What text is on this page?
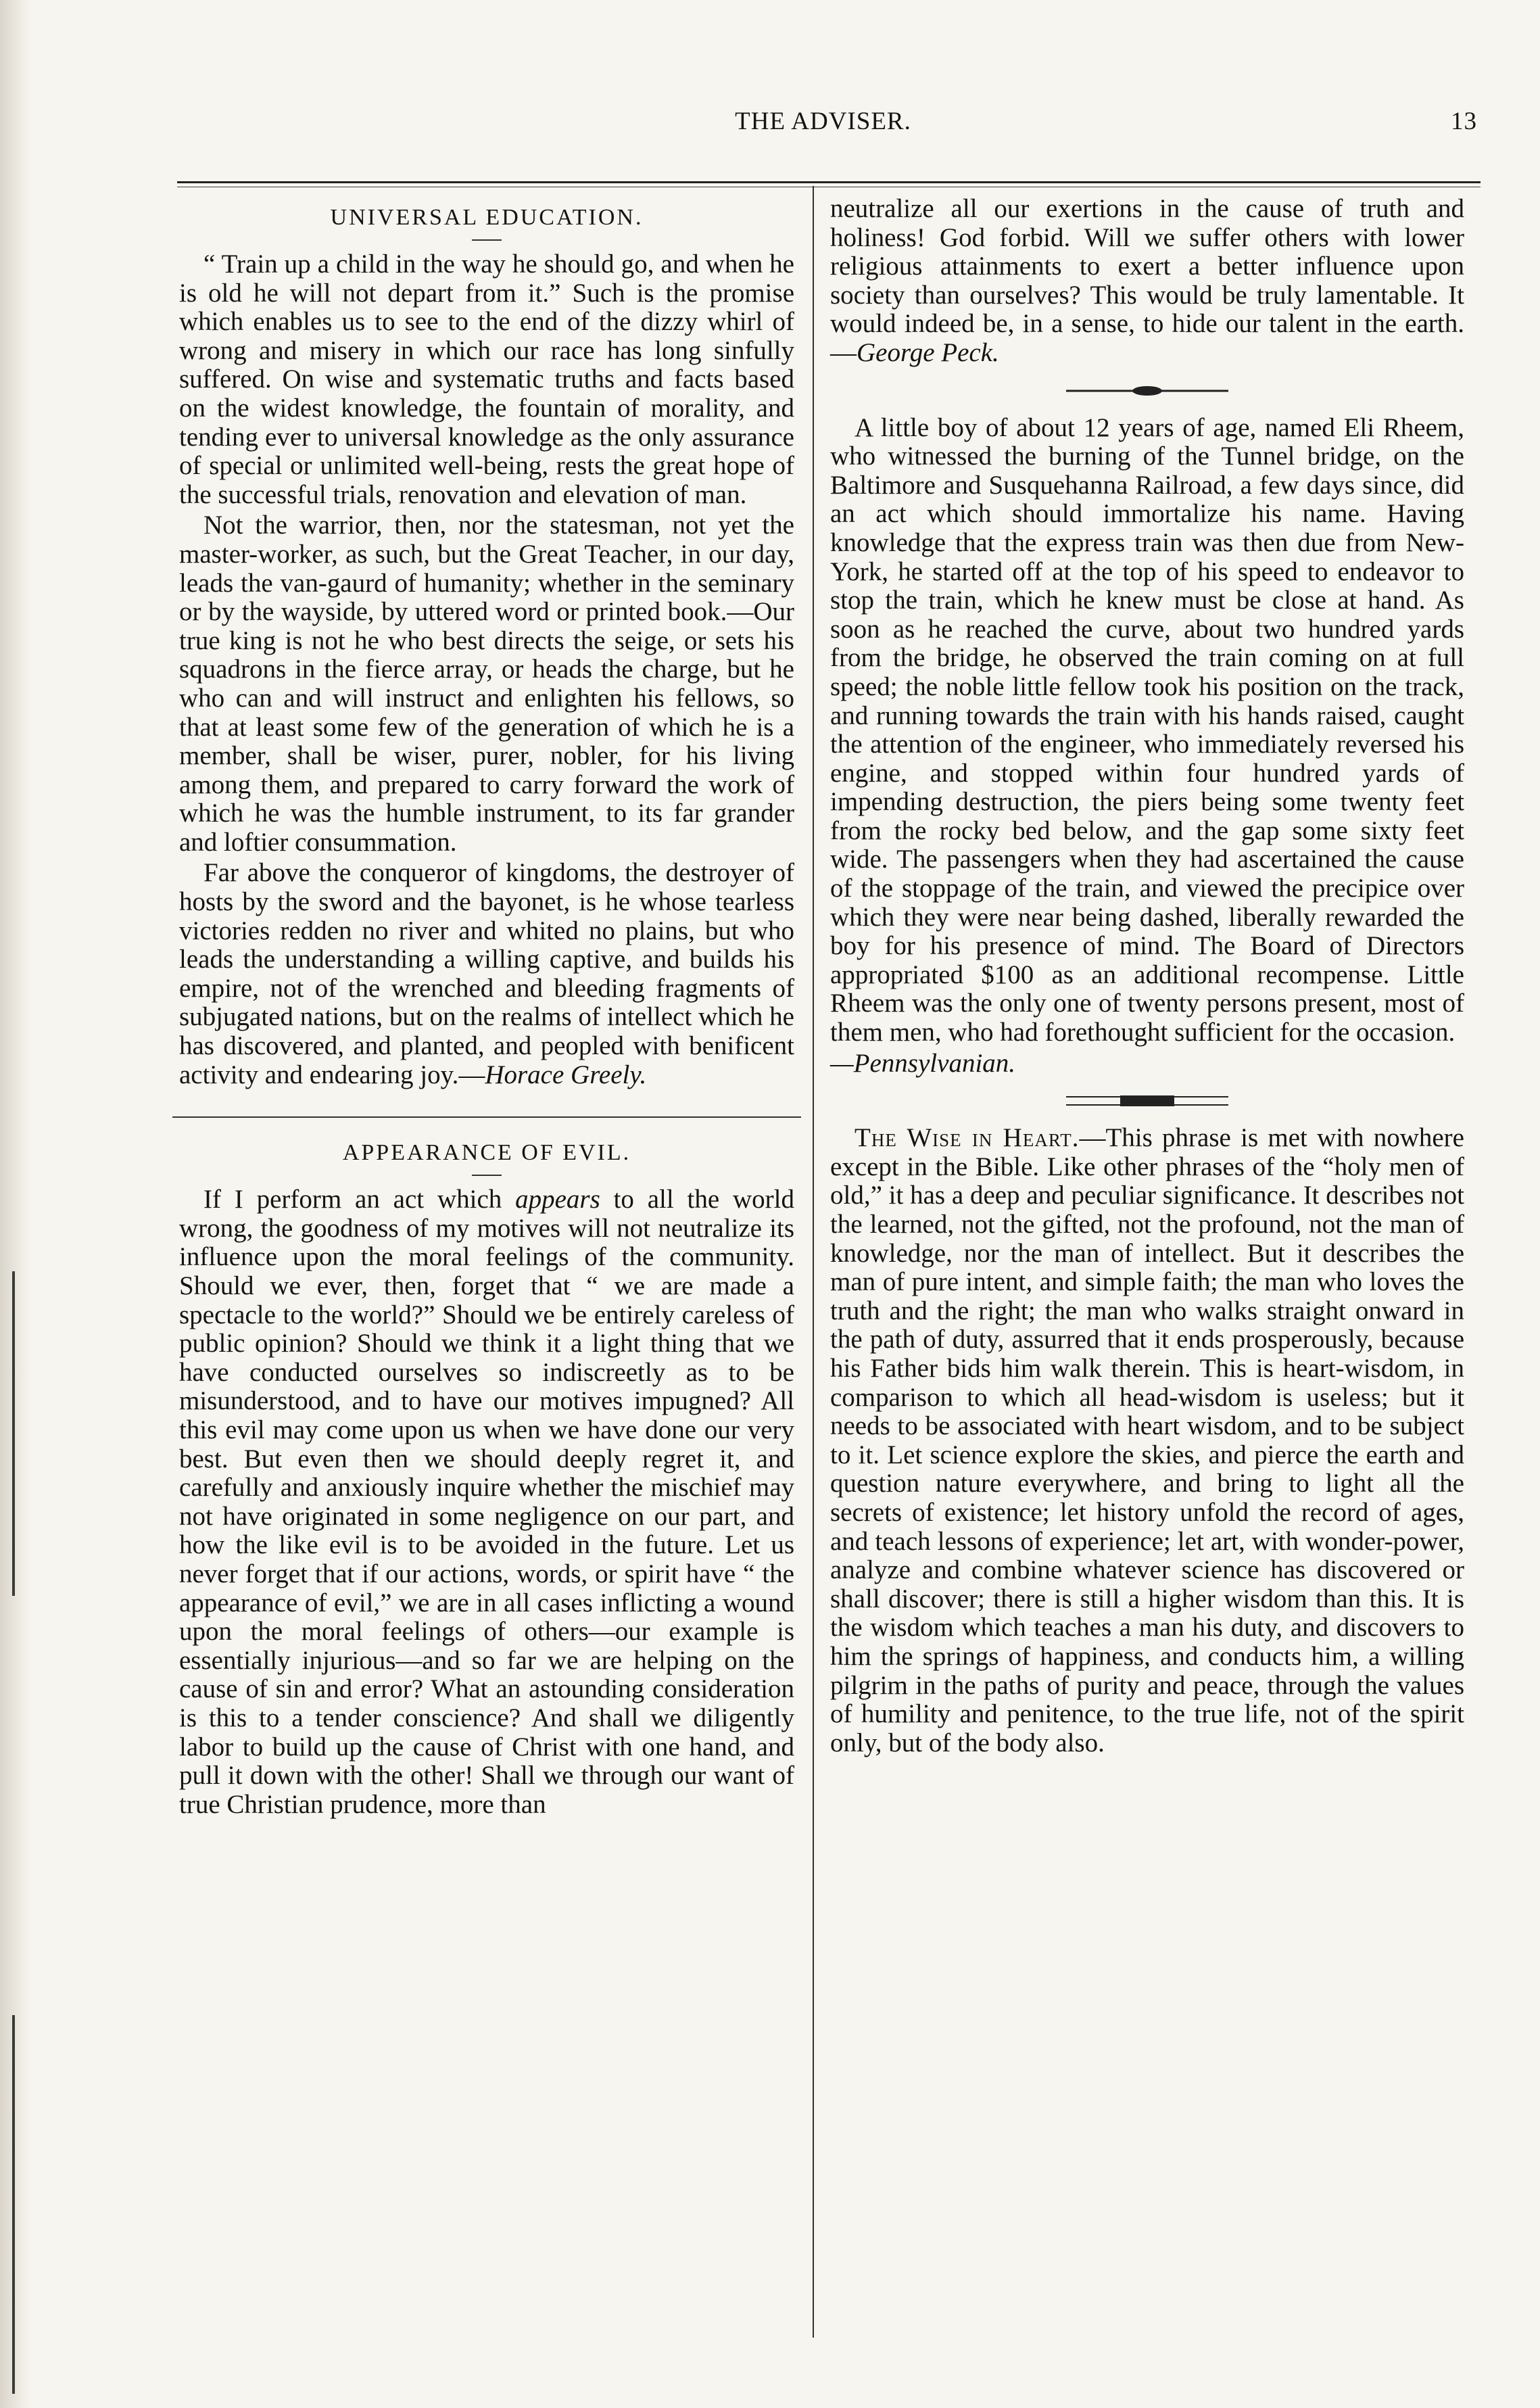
THE ADVISER.	13
UNIVERSAL EDUCATION.

“ Train up a child in the way he should go, and when he is old he will not depart from it.” Such is the promise which enables us to see to the end of the dizzy whirl of wrong and misery in which our race has long sinfully suffered. On wise and systematic truths and facts based on the widest knowledge, the fountain of morality, and tending ever to universal knowledge as the only assurance of special or unlimited well-being, rests the great hope of the successful trials, renovation and elevation of man.

Not the warrior, then, nor the statesman, not yet the master-worker, as such, but the Great Teacher, in our day, leads the van-gaurd of humanity; whether in the seminary or by the wayside, by uttered word or printed book.—Our true king is not he who best directs the seige, or sets his squadrons in the fierce array, or heads the charge, but he who can and will instruct and enlighten his fellows, so that at least some few of the generation of which he is a member, shall be wiser, purer, nobler, for his living among them, and prepared to carry forward the work of which he was the humble instrument, to its far grander and loftier consummation.

Far above the conqueror of kingdoms, the destroyer of hosts by the sword and the bayonet, is he whose tearless victories redden no river and whited no plains, but who leads the understanding a willing captive, and builds his empire, not of the wrenched and bleeding fragments of subjugated nations, but on the realms of intellect which he has discovered, and planted, and peopled with benificent activity and endearing joy.—Horace Greely.

APPEARANCE OF EVIL.

If I perform an act which appears to all the world wrong, the goodness of my motives will not neutralize its influence upon the moral feelings of the community. Should we ever, then, forget that “ we are made a spectacle to the world?” Should we be entirely careless of public opinion? Should we think it a light thing that we have conducted ourselves so indiscreetly as to be misunderstood, and to have our motives impugned? All this evil may come upon us when we have done our very best. But even then we should deeply regret it, and carefully and anxiously inquire whether the mischief may not have originated in some negligence on our part, and how the like evil is to be avoided in the future. Let us never forget that if our actions, words, or spirit have “ the appearance of evil,” we are in all cases inflicting a wound upon the moral feelings of others—our example is essentially injurious—and so far we are helping on the cause of sin and error? What an astounding consideration is this to a tender conscience? And shall we diligently labor to build up the cause of Christ with one hand, and pull it down with the other! Shall we through our want of true Christian prudence, more than

neutralize all our exertions in the cause of truth and holiness! God forbid. Will we suffer others with lower religious attainments to exert a better influence upon society than ourselves? This would be truly lamentable. It would indeed be, in a sense, to hide our talent in the earth.—George Peck.

A little boy of about 12 years of age, named Eli Rheem, who witnessed the burning of the Tunnel bridge, on the Baltimore and Susquehanna Railroad, a few days since, did an act which should immortalize his name. Having knowledge that the express train was then due from New-York, he started off at the top of his speed to endeavor to stop the train, which he knew must be close at hand. As soon as he reached the curve, about two hundred yards from the bridge, he observed the train coming on at full speed; the noble little fellow took his position on the track, and running towards the train with his hands raised, caught the attention of the engineer, who immediately reversed his engine, and stopped within four hundred yards of impending destruction, the piers being some twenty feet from the rocky bed below, and the gap some sixty feet wide. The passengers when they had ascertained the cause of the stoppage of the train, and viewed the precipice over which they were near being dashed, liberally rewarded the boy for his presence of mind. The Board of Directors appropriated $100 as an additional recompense. Little Rheem was the only one of twenty persons present, most of them men, who had forethought sufficient for the occasion.

—Pennsylvanian.

The Wise in Heart.—This phrase is met with nowhere except in the Bible. Like other phrases of the “holy men of old,” it has a deep and peculiar significance. It describes not the learned, not the gifted, not the profound, not the man of knowledge, nor the man of intellect. But it describes the man of pure intent, and simple faith; the man who loves the truth and the right; the man who walks straight onward in the path of duty, assurred that it ends prosperously, because his Father bids him walk therein. This is heart-wisdom, in comparison to which all head-wisdom is useless; but it needs to be associated with heart wisdom, and to be subject to it. Let science explore the skies, and pierce the earth and question nature everywhere, and bring to light all the secrets of existence; let history unfold the record of ages, and teach lessons of experience; let art, with wonder-power, analyze and combine whatever science has discovered or shall discover; there is still a higher wisdom than this. It is the wisdom which teaches a man his duty, and discovers to him the springs of happiness, and conducts him, a willing pilgrim in the paths of purity and peace, through the values of humility and penitence, to the true life, not of the spirit only, but of the body also.
